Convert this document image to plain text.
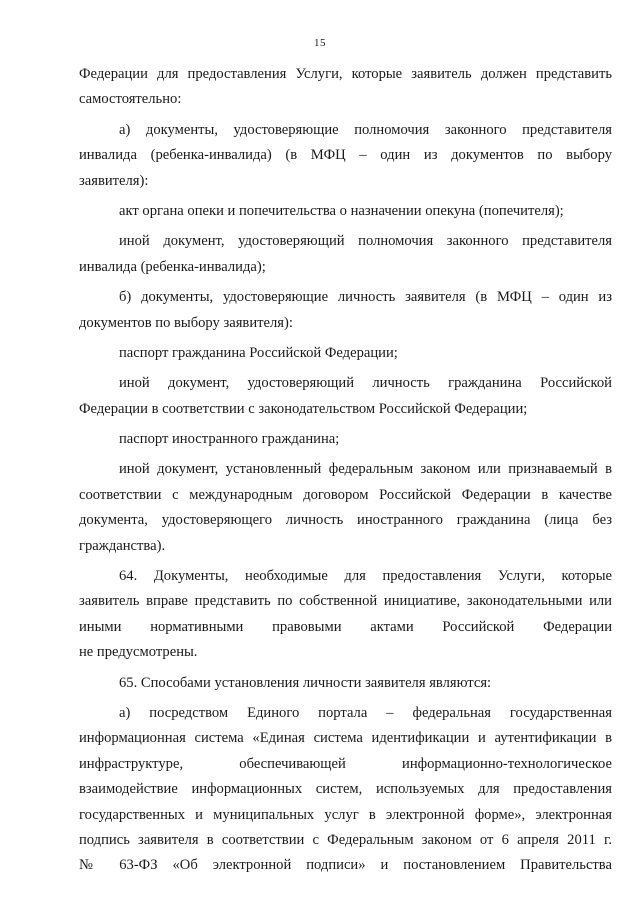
15
Федерации для предоставления Услуги, которые заявитель должен представить
самостоятельно:
а) документы, удостоверяющие полномочия законного представителя
инвалида (ребенка-инвалида) (в МФЦ – один из документов по выбору
заявителя):
акт органа опеки и попечительства о назначении опекуна (попечителя);
иной документ, удостоверяющий полномочия законного представителя
инвалида (ребенка-инвалида);
б) документы, удостоверяющие личность заявителя (в МФЦ – один из
документов по выбору заявителя):
паспорт гражданина Российской Федерации;
иной документ, удостоверяющий личность гражданина Российской
Федерации в соответствии с законодательством Российской Федерации;
паспорт иностранного гражданина;
иной документ, установленный федеральным законом или признаваемый в
соответствии с международным договором Российской Федерации в качестве
документа, удостоверяющего личность иностранного гражданина (лица без
гражданства).
64. Документы, необходимые для предоставления Услуги, которые
заявитель вправе представить по собственной инициативе, законодательными или
иными нормативными правовыми актами Российской Федерации
не предусмотрены.
65. Способами установления личности заявителя являются:
а) посредством Единого портала – федеральная государственная
информационная система «Единая система идентификации и аутентификации в
инфраструктуре, обеспечивающей информационно-технологическое
взаимодействие информационных систем, используемых для предоставления
государственных и муниципальных услуг в электронной форме», электронная
подпись заявителя в соответствии с Федеральным законом от 6 апреля 2011 г.
№ 63-ФЗ «Об электронной подписи» и постановлением Правительства
